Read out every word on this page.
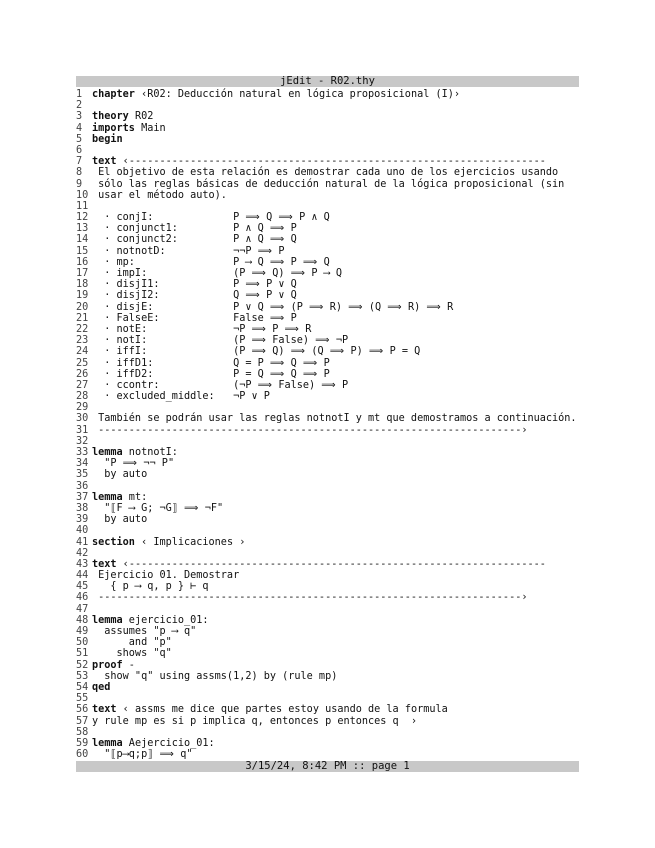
jEdit - R02.thy
1 chapter ‹R02: Deducción natural en lógica proposicional (I)›
2
3 theory R02
4 imports Main
5 begin
6
7 text ‹--------------------------------------------------------------------
8 El objetivo de esta relación es demostrar cada uno de los ejercicios usando
9 sólo las reglas básicas de deducción natural de la lógica proposicional (sin
10 usar el método auto).
11
12 · conjI:             P ⟹ Q ⟹ P ∧ Q
13 · conjunct1:         P ∧ Q ⟹ P
14 · conjunct2:         P ∧ Q ⟹ Q
15 · notnotD:           ¬¬P ⟹ P
16 · mp:                P ⟶ Q ⟹ P ⟹ Q
17 · impI:              (P ⟹ Q) ⟹ P ⟶ Q
18 · disjI1:            P ⟹ P ∨ Q
19 · disjI2:            Q ⟹ P ∨ Q
20 · disjE:             P ∨ Q ⟹ (P ⟹ R) ⟹ (Q ⟹ R) ⟹ R
21 · FalseE:            False ⟹ P
22 · notE:              ¬P ⟹ P ⟹ R
23 · notI:              (P ⟹ False) ⟹ ¬P
24 · iffI:              (P ⟹ Q) ⟹ (Q ⟹ P) ⟹ P = Q
25 · iffD1:             Q = P ⟹ Q ⟹ P
26 · iffD2:             P = Q ⟹ Q ⟹ P
27 · ccontr:            (¬P ⟹ False) ⟹ P
28 · excluded_middle:   ¬P ∨ P
29
30 También se podrán usar las reglas notnotI y mt que demostramos a continuación.
31 ---------------------------------------------------------------------›
32
33 lemma notnotI:
34 "P ⟹ ¬¬ P"
35 by auto
36
37 lemma mt:
38 "⟦F ⟶ G; ¬G⟧ ⟹ ¬F"
39 by auto
40
41 section ‹ Implicaciones ›
42
43 text ‹--------------------------------------------------------------------
44 Ejercicio 01. Demostrar
45 { p ⟶ q, p } ⊢ q
46 ---------------------------------------------------------------------›
47
48 lemma ejercicio_01:
49 assumes "p ⟶ q"
50 and "p"
51 shows "q"
52 proof -
53 show "q" using assms(1,2) by (rule mp)
54 qed
55
56 text ‹ assms me dice que partes estoy usando de la formula
57 y rule mp es si p implica q, entonces p entonces q  ›
58
59 lemma Aejercicio_01:
60 "⟦p⟶q;p⟧ ⟹ q"
3/15/24, 8:42 PM :: page 1
